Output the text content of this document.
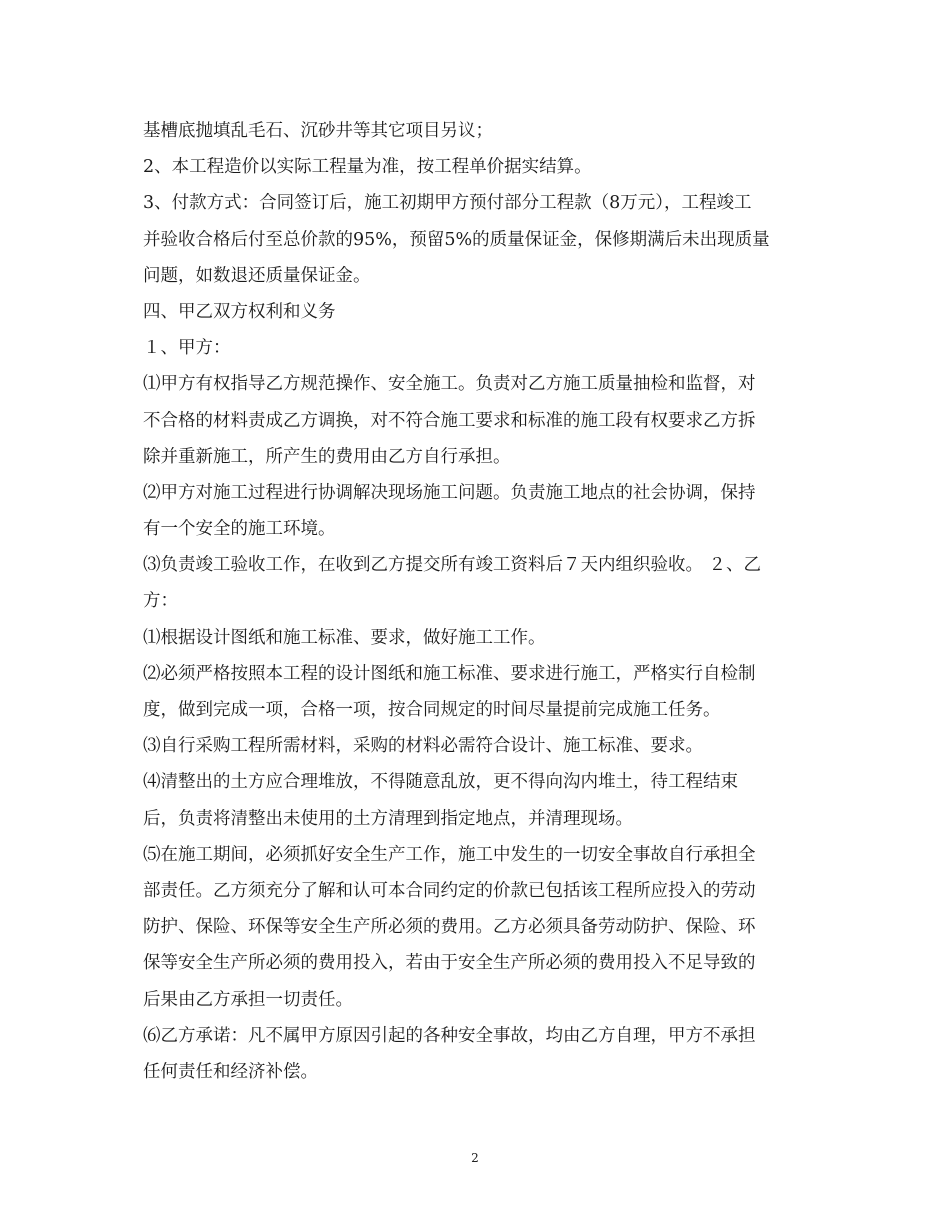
基槽底抛填乱毛石、沉砂井等其它项目另议；

2、本工程造价以实际工程量为准，按工程单价据实结算。

3、付款方式：合同签订后，施工初期甲方预付部分工程款（8万元），工程竣工

并验收合格后付至总价款的95%，预留5%的质量保证金，保修期满后未出现质量

问题，如数退还质量保证金。

四、甲乙双方权利和义务

１、甲方：

⑴甲方有权指导乙方规范操作、安全施工。负责对乙方施工质量抽检和监督，对

不合格的材料责成乙方调换，对不符合施工要求和标准的施工段有权要求乙方拆

除并重新施工，所产生的费用由乙方自行承担。

⑵甲方对施工过程进行协调解决现场施工问题。负责施工地点的社会协调，保持

有一个安全的施工环境。

⑶负责竣工验收工作，在收到乙方提交所有竣工资料后７天内组织验收。 ２、乙

方：

⑴根据设计图纸和施工标准、要求，做好施工工作。

⑵必须严格按照本工程的设计图纸和施工标准、要求进行施工，严格实行自检制

度，做到完成一项，合格一项，按合同规定的时间尽量提前完成施工任务。

⑶自行采购工程所需材料，采购的材料必需符合设计、施工标准、要求。

⑷清整出的土方应合理堆放，不得随意乱放，更不得向沟内堆土，待工程结束

后，负责将清整出未使用的土方清理到指定地点，并清理现场。

⑸在施工期间，必须抓好安全生产工作，施工中发生的一切安全事故自行承担全

部责任。乙方须充分了解和认可本合同约定的价款已包括该工程所应投入的劳动

防护、保险、环保等安全生产所必须的费用。乙方必须具备劳动防护、保险、环

保等安全生产所必须的费用投入，若由于安全生产所必须的费用投入不足导致的

后果由乙方承担一切责任。

⑹乙方承诺：凡不属甲方原因引起的各种安全事故，均由乙方自理，甲方不承担

任何责任和经济补偿。

2
